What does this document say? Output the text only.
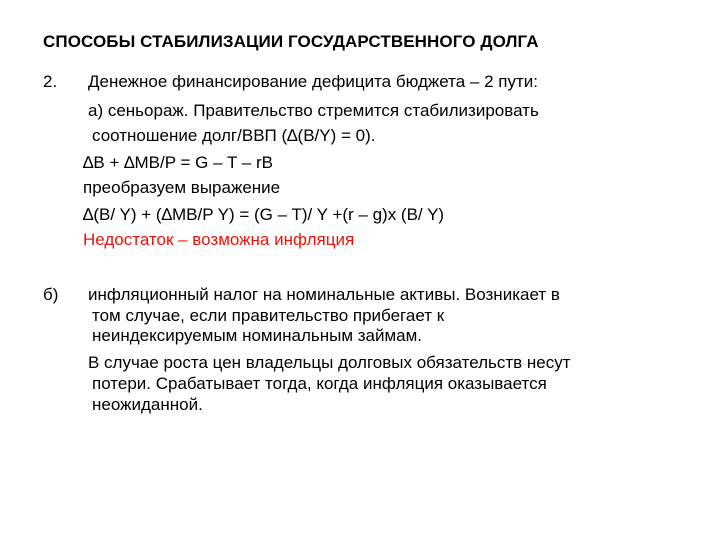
СПОСОБЫ СТАБИЛИЗАЦИИ ГОСУДАРСТВЕННОГО ДОЛГА
2. Денежное финансирование дефицита бюджета – 2 пути:
а) сеньораж. Правительство стремится стабилизировать
соотношение долг/ВВП (∆(B/Y) = 0).
∆B + ∆MB/P = G – T – rB
преобразуем выражение
∆(B/ Y) + (∆MB/P Y) = (G – T)/ Y +(r – g)x (B/ Y)
Недостаток – возможна инфляция
б) инфляционный налог на номинальные активы. Возникает в
том случае, если правительство прибегает к
неиндексируемым номинальным займам.
В случае роста цен владельцы долговых обязательств несут
потери. Срабатывает тогда, когда инфляция оказывается
неожиданной.
